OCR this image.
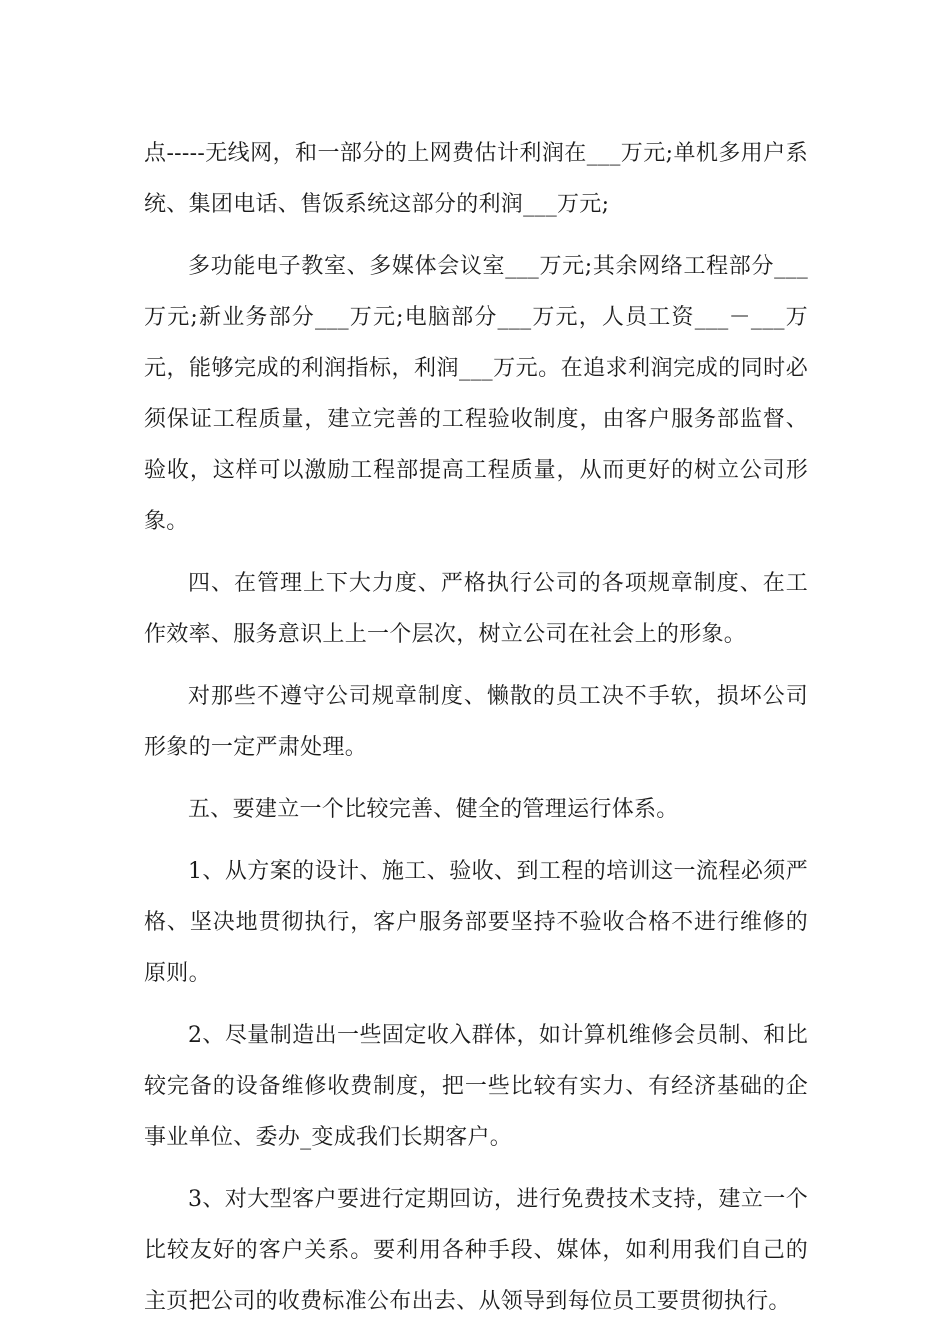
点-----无线网，和一部分的上网费估计利润在___万元;单机多用户系统、集团电话、售饭系统这部分的利润___万元;

多功能电子教室、多媒体会议室___万元;其余网络工程部分___万元;新业务部分___万元;电脑部分___万元，人员工资___－___万元，能够完成的利润指标，利润___万元。在追求利润完成的同时必须保证工程质量，建立完善的工程验收制度，由客户服务部监督、验收，这样可以激励工程部提高工程质量，从而更好的树立公司形象。

四、在管理上下大力度、严格执行公司的各项规章制度、在工作效率、服务意识上上一个层次，树立公司在社会上的形象。

对那些不遵守公司规章制度、懒散的员工决不手软，损坏公司形象的一定严肃处理。

五、要建立一个比较完善、健全的管理运行体系。

1、从方案的设计、施工、验收、到工程的培训这一流程必须严格、坚决地贯彻执行，客户服务部要坚持不验收合格不进行维修的原则。

2、尽量制造出一些固定收入群体，如计算机维修会员制、和比较完备的设备维修收费制度，把一些比较有实力、有经济基础的企事业单位、委办_变成我们长期客户。

3、对大型客户要进行定期回访，进行免费技术支持，建立一个比较友好的客户关系。要利用各种手段、媒体，如利用我们自己的主页把公司的收费标准公布出去、从领导到每位员工要贯彻执行。
